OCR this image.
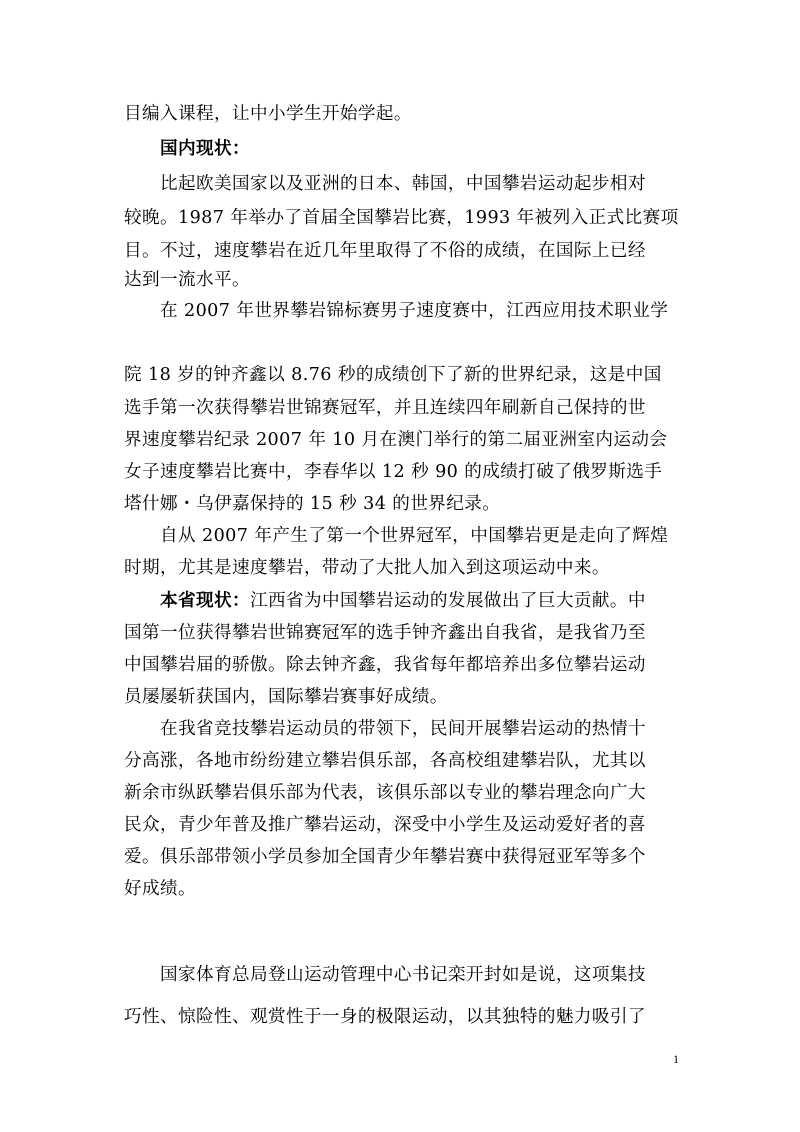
目编入课程，让中小学生开始学起。
国内现状：
比起欧美国家以及亚洲的日本、韩国，中国攀岩运动起步相对
较晚。1987 年举办了首届全国攀岩比赛，1993 年被列入正式比赛项
目。不过，速度攀岩在近几年里取得了不俗的成绩，在国际上已经
达到一流水平。
在 2007 年世界攀岩锦标赛男子速度赛中，江西应用技术职业学
院 18 岁的钟齐鑫以 8.76 秒的成绩创下了新的世界纪录，这是中国
选手第一次获得攀岩世锦赛冠军，并且连续四年刷新自己保持的世
界速度攀岩纪录 2007 年 10 月在澳门举行的第二届亚洲室内运动会
女子速度攀岩比赛中，李春华以 12 秒 90 的成绩打破了俄罗斯选手
塔什娜・乌伊嘉保持的 15 秒 34 的世界纪录。
自从 2007 年产生了第一个世界冠军，中国攀岩更是走向了辉煌
时期，尤其是速度攀岩，带动了大批人加入到这项运动中来。
本省现状：江西省为中国攀岩运动的发展做出了巨大贡献。中
国第一位获得攀岩世锦赛冠军的选手钟齐鑫出自我省，是我省乃至
中国攀岩届的骄傲。除去钟齐鑫，我省每年都培养出多位攀岩运动
员屡屡斩获国内，国际攀岩赛事好成绩。
在我省竞技攀岩运动员的带领下，民间开展攀岩运动的热情十
分高涨，各地市纷纷建立攀岩俱乐部，各高校组建攀岩队，尤其以
新余市纵跃攀岩俱乐部为代表，该俱乐部以专业的攀岩理念向广大
民众，青少年普及推广攀岩运动，深受中小学生及运动爱好者的喜
爱。俱乐部带领小学员参加全国青少年攀岩赛中获得冠亚军等多个
好成绩。
国家体育总局登山运动管理中心书记栾开封如是说，这项集技
巧性、惊险性、观赏性于一身的极限运动，以其独特的魅力吸引了
1
